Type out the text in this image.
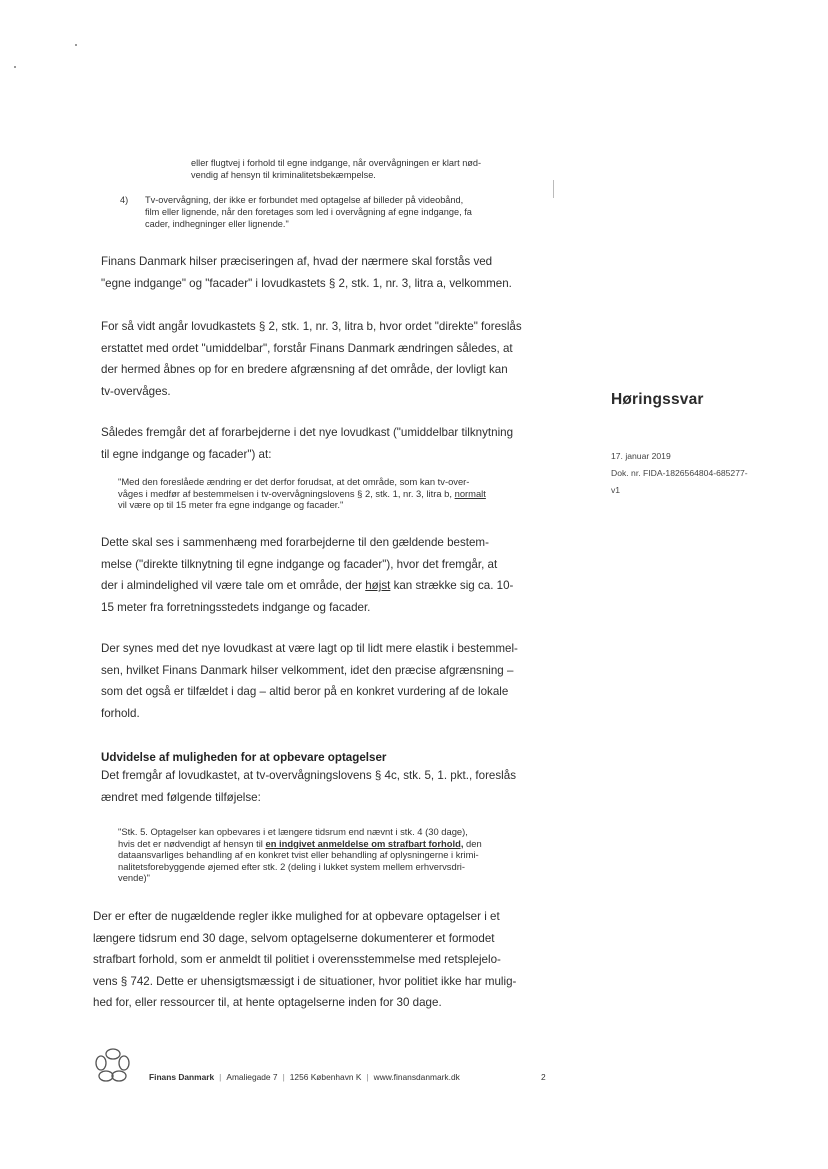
eller flugtvej i forhold til egne indgange, når overvågningen er klart nød-
vendig af hensyn til kriminalitetsbekæmpelse.
4) Tv-overvågning, der ikke er forbundet med optagelse af billeder på videobånd,
film eller lignende, når den foretages som led i overvågning af egne indgange, fa
cader, indhegninger eller lignende."
Finans Danmark hilser præciseringen af, hvad der nærmere skal forstås ved
"egne indgange" og "facader" i lovudkastets § 2, stk. 1, nr. 3, litra a, velkommen.
For så vidt angår lovudkastets § 2, stk. 1, nr. 3, litra b, hvor ordet "direkte" foreslås
erstattet med ordet "umiddelbar", forstår Finans Danmark ændringen således, at
der hermed åbnes op for en bredere afgrænsning af det område, der lovligt kan
tv-overvåges.
Således fremgår det af forarbejderne i det nye lovudkast ("umiddelbar tilknytning
til egne indgange og facader") at:
"Med den foreslåede ændring er det derfor forudsat, at det område, som kan tv-over-
våges i medfør af bestemmelsen i tv-overvågningslovens § 2, stk. 1, nr. 3, litra b, normalt
vil være op til 15 meter fra egne indgange og facader."
Dette skal ses i sammenhæng med forarbejderne til den gældende bestem-
melse ("direkte tilknytning til egne indgange og facader"), hvor det fremgår, at
der i almindelighed vil være tale om et område, der højst kan strække sig ca. 10-
15 meter fra forretningsstedets indgange og facader.
Der synes med det nye lovudkast at være lagt op til lidt mere elastik i bestemmel-
sen, hvilket Finans Danmark hilser velkomment, idet den præcise afgrænsning –
som det også er tilfældet i dag – altid beror på en konkret vurdering af de lokale
forhold.
Udvidelse af muligheden for at opbevare optagelser
Det fremgår af lovudkastet, at tv-overvågningslovens § 4c, stk. 5, 1. pkt., foreslås
ændret med følgende tilføjelse:
"Stk. 5. Optagelser kan opbevares i et længere tidsrum end nævnt i stk. 4 (30 dage),
hvis det er nødvendigt af hensyn til en indgivet anmeldelse om strafbart forhold, den
dataansvarliges behandling af en konkret tvist eller behandling af oplysningerne i krimi-
nalitetsforebyggende øjemed efter stk. 2 (deling i lukket system mellem erhvervsdri-
vende)"
Der er efter de nugældende regler ikke mulighed for at opbevare optagelser i et
længere tidsrum end 30 dage, selvom optagelserne dokumenterer et formodet
strafbart forhold, som er anmeldt til politiet i overensstemmelse med retsplejelo-
vens § 742. Dette er uhensigtsmæssigt i de situationer, hvor politiet ikke har mulig-
hed for, eller ressourcer til, at hente optagelserne inden for 30 dage.
Høringssvar
17. januar 2019
Dok. nr. FIDA-1826564804-685277-
v1
Finans Danmark | Amaliegade 7 | 1256 København K | www.finansdanmark.dk	2
